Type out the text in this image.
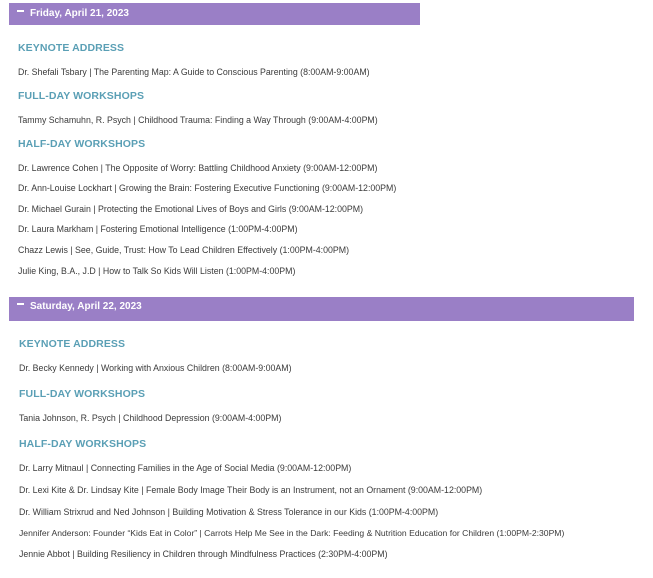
Friday, April 21, 2023
KEYNOTE ADDRESS
Dr. Shefali Tsbary | The Parenting Map: A Guide to Conscious Parenting (8:00AM-9:00AM)
FULL-DAY WORKSHOPS
Tammy Schamuhn, R. Psych | Childhood Trauma: Finding a Way Through (9:00AM-4:00PM)
HALF-DAY WORKSHOPS
Dr. Lawrence Cohen | The Opposite of Worry: Battling Childhood Anxiety (9:00AM-12:00PM)
Dr. Ann-Louise Lockhart | Growing the Brain: Fostering Executive Functioning (9:00AM-12:00PM)
Dr. Michael Gurain | Protecting the Emotional Lives of Boys and Girls (9:00AM-12:00PM)
Dr. Laura Markham | Fostering Emotional Intelligence (1:00PM-4:00PM)
Chazz Lewis | See, Guide, Trust: How To Lead Children Effectively (1:00PM-4:00PM)
Julie King, B.A., J.D | How to Talk So Kids Will Listen (1:00PM-4:00PM)
Saturday, April 22, 2023
KEYNOTE ADDRESS
Dr. Becky Kennedy | Working with Anxious Children (8:00AM-9:00AM)
FULL-DAY WORKSHOPS
Tania Johnson, R. Psych | Childhood Depression (9:00AM-4:00PM)
HALF-DAY WORKSHOPS
Dr. Larry Mitnaul | Connecting Families in the Age of Social Media (9:00AM-12:00PM)
Dr. Lexi Kite & Dr. Lindsay Kite | Female Body Image Their Body is an Instrument, not an Ornament (9:00AM-12:00PM)
Dr. William Strixrud and Ned Johnson | Building Motivation & Stress Tolerance in our Kids (1:00PM-4:00PM)
Jennifer Anderson: Founder “Kids Eat in Color” | Carrots Help Me See in the Dark: Feeding & Nutrition Education for Children (1:00PM-2:30PM)
Jennie Abbot | Building Resiliency in Children through Mindfulness Practices (2:30PM-4:00PM)
